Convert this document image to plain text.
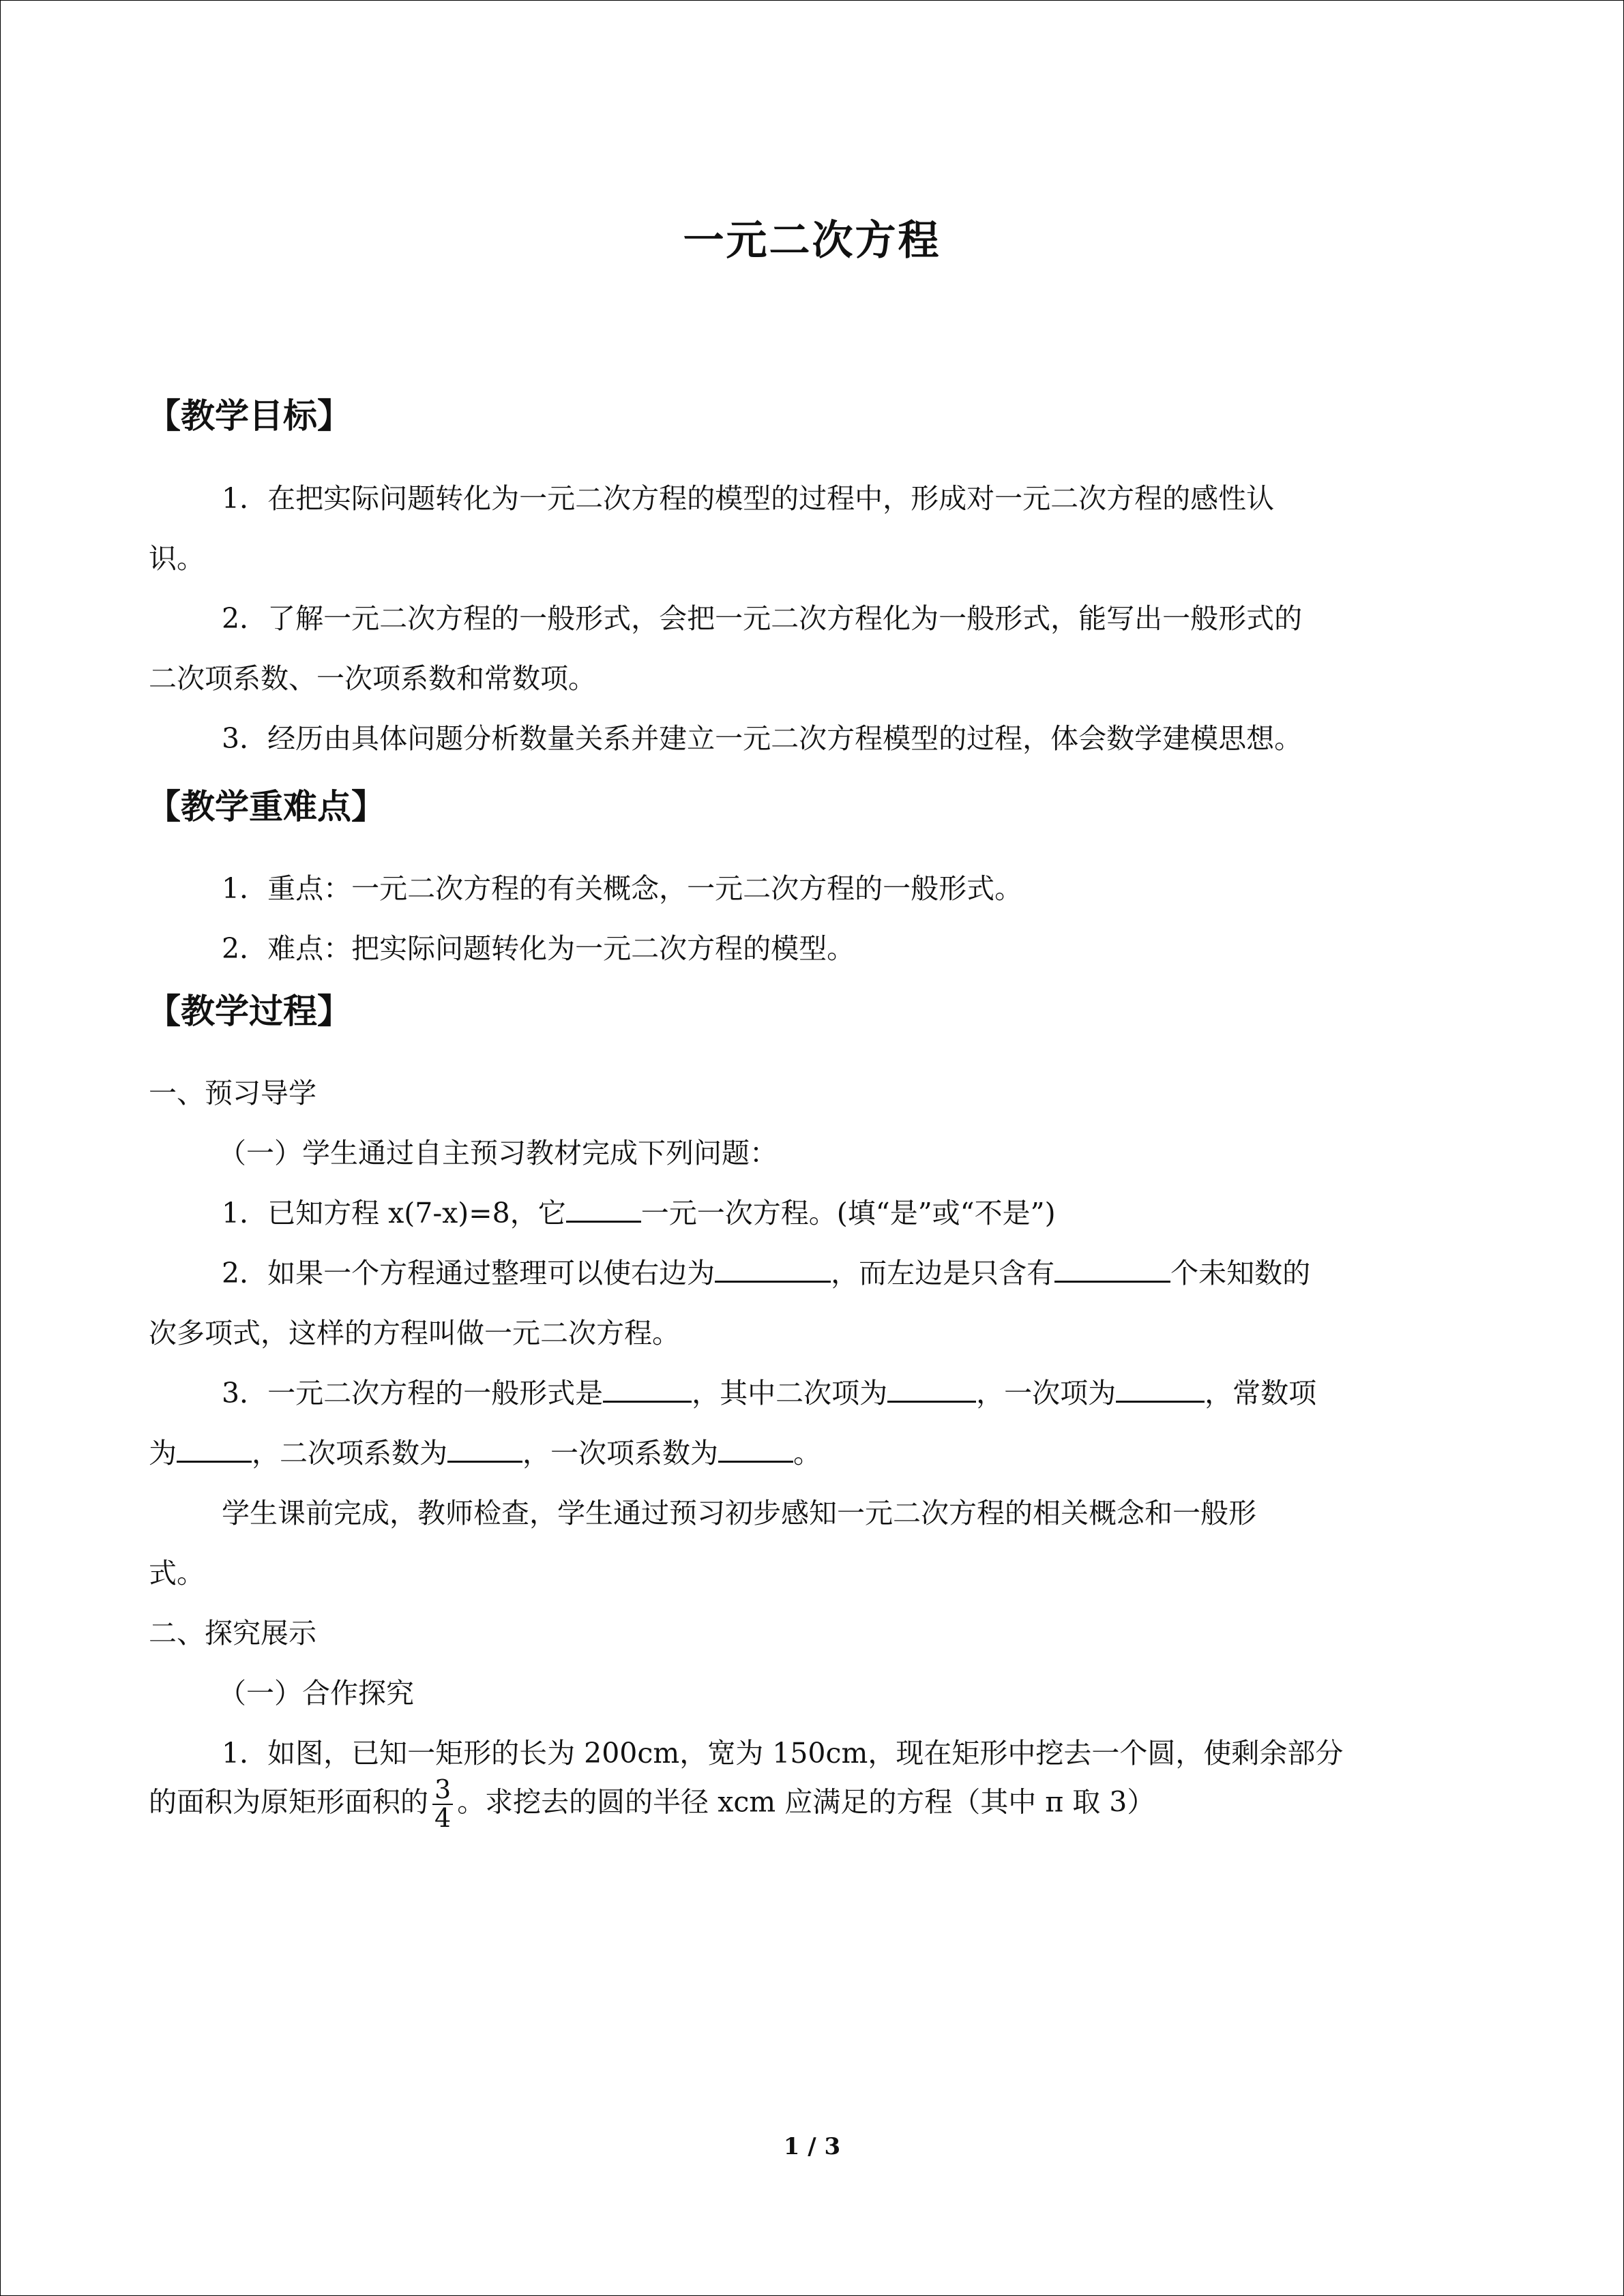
一元二次方程
【教学目标】
1．在把实际问题转化为一元二次方程的模型的过程中，形成对一元二次方程的感性认
识。
2．了解一元二次方程的一般形式，会把一元二次方程化为一般形式，能写出一般形式的
二次项系数、一次项系数和常数项。
3．经历由具体问题分析数量关系并建立一元二次方程模型的过程，体会数学建模思想。
【教学重难点】
1．重点：一元二次方程的有关概念，一元二次方程的一般形式。
2．难点：把实际问题转化为一元二次方程的模型。
【教学过程】
一、预习导学
（一）学生通过自主预习教材完成下列问题：
1．已知方程 x(7-x)=8，它	一元一次方程。(填“是”或“不是”)
2．如果一个方程通过整理可以使右边为	，而左边是只含有	个未知数的
次多项式，这样的方程叫做一元二次方程。
3．一元二次方程的一般形式是	，其中二次项为	，一次项为	，常数项
为	，二次项系数为	，一次项系数为	。
学生课前完成，教师检查，学生通过预习初步感知一元二次方程的相关概念和一般形
式。
二、探究展示
（一）合作探究
1．如图，已知一矩形的长为 200cm，宽为 150cm，现在矩形中挖去一个圆，使剩余部分
的面积为原矩形面积的 $\frac{3}{4}$ 。求挖去的圆的半径 xcm 应满足的方程（其中 π 取 3）
1 / 3
